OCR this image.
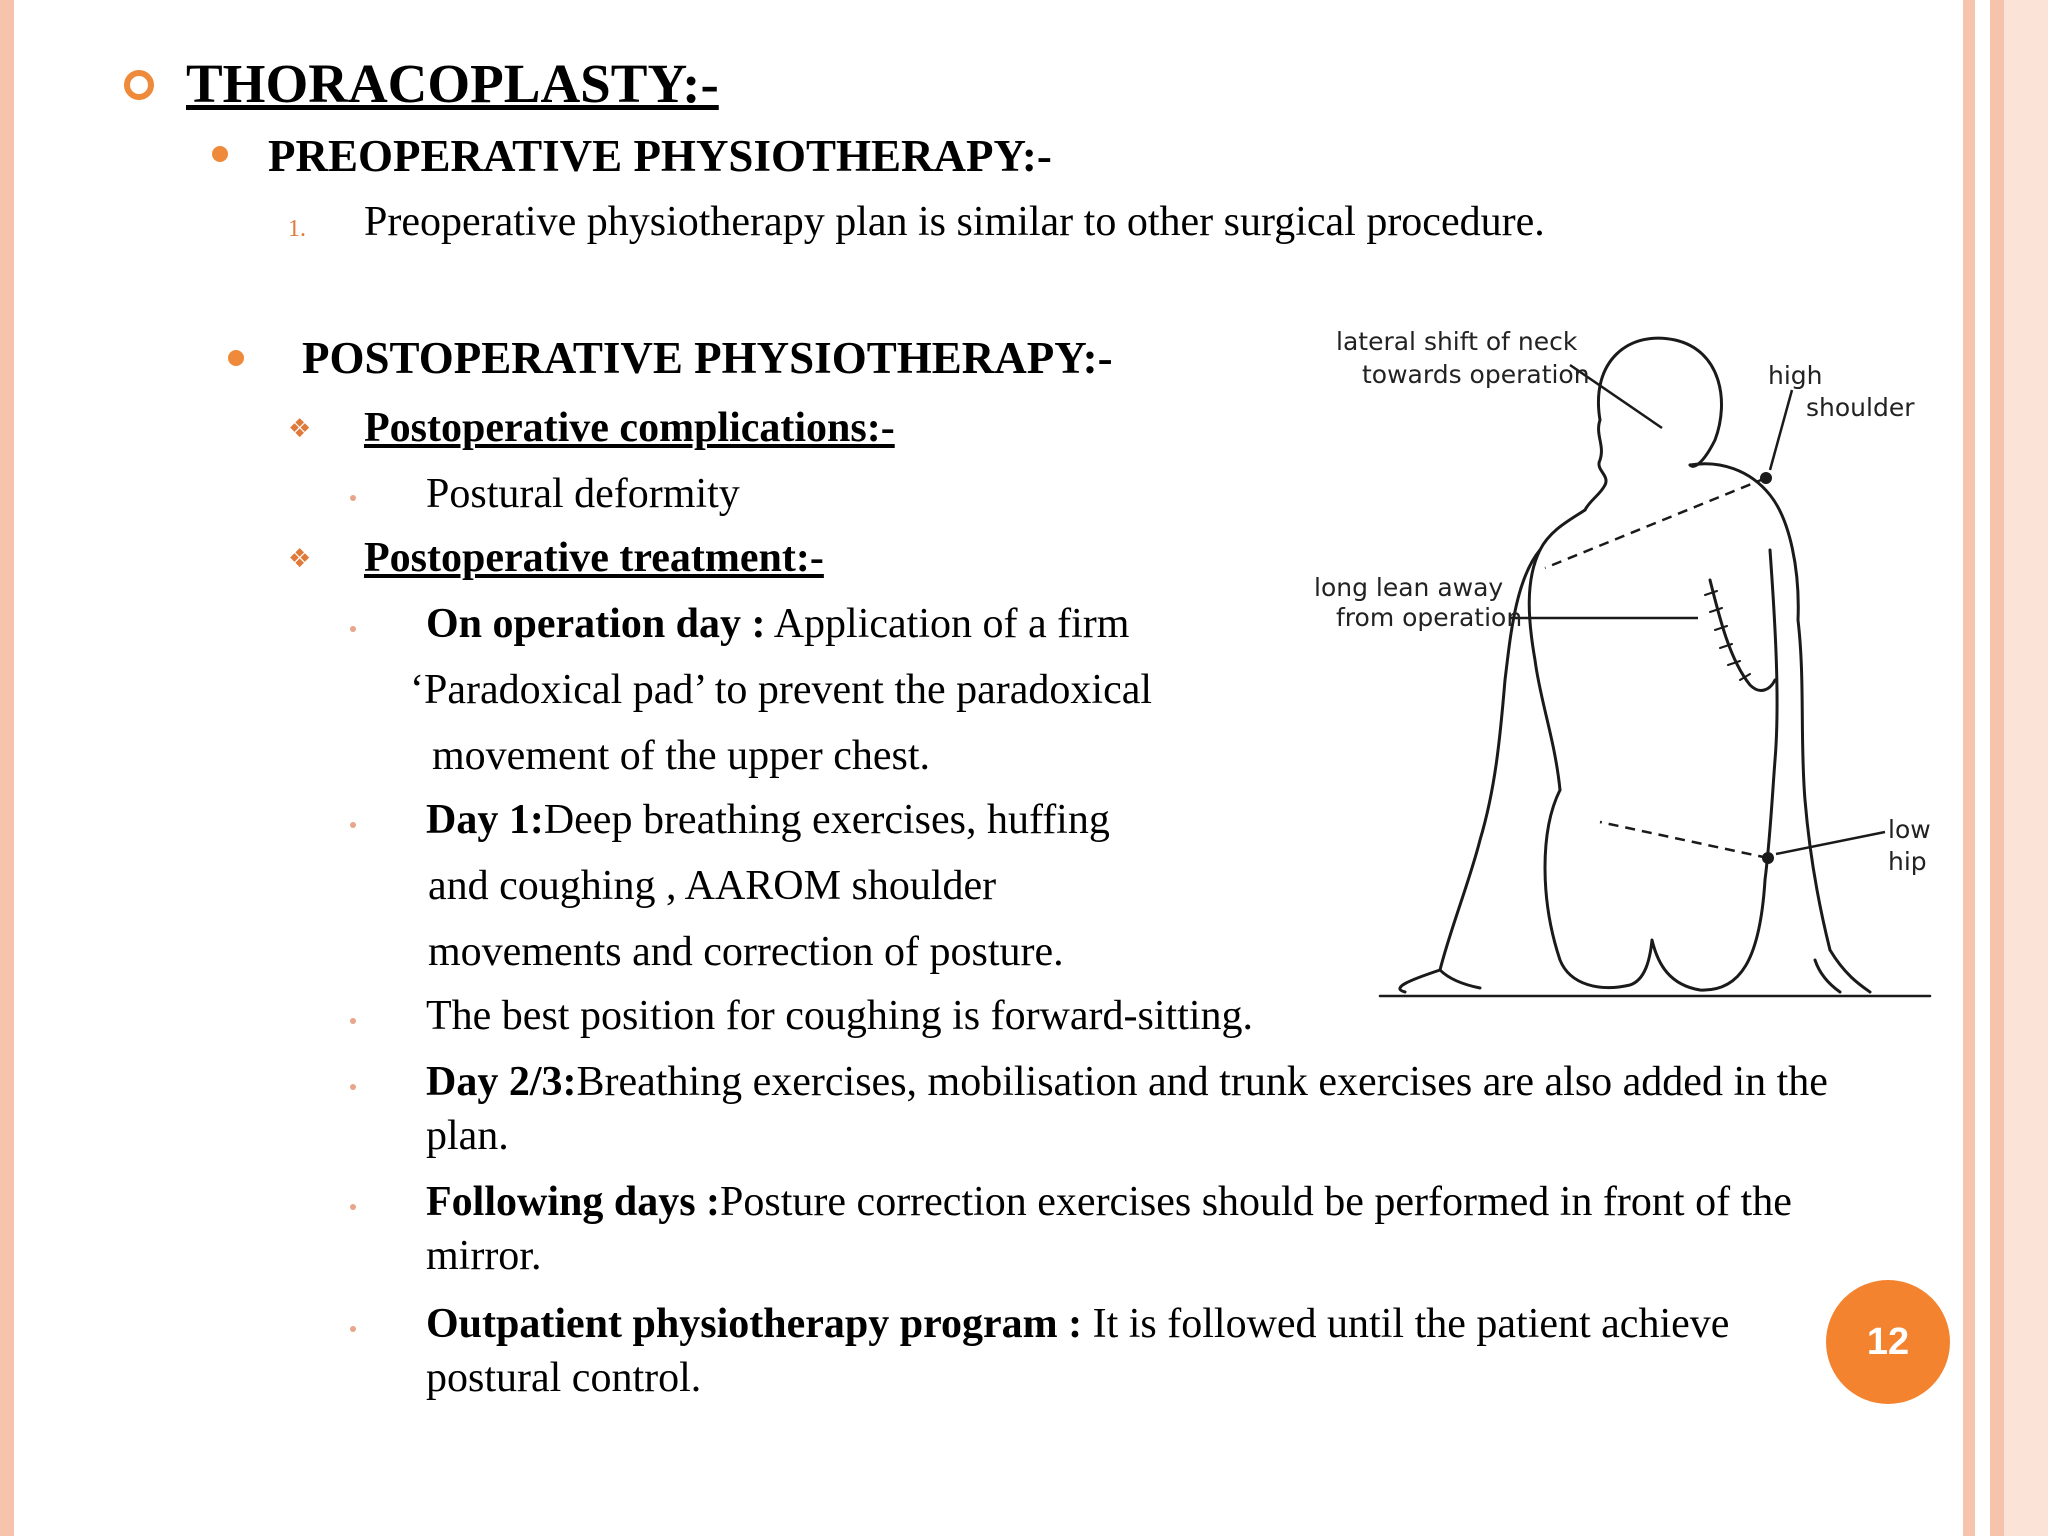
THORACOPLASTY:-
PREOPERATIVE PHYSIOTHERAPY:-
1. Preoperative physiotherapy plan is similar to other surgical procedure.
POSTOPERATIVE PHYSIOTHERAPY:-
❖ Postoperative complications:-
Postural deformity
❖ Postoperative treatment:-
On operation day : Application of a firm
‘Paradoxical pad’ to prevent the paradoxical
movement of the upper chest.
Day 1:Deep breathing exercises, huffing
and coughing , AAROM shoulder
movements and correction of posture.
The best position for coughing is forward-sitting.
Day 2/3:Breathing exercises, mobilisation and trunk exercises are also added in the
plan.
Following days :Posture correction exercises should be performed in front of the
mirror.
Outpatient physiotherapy program : It is followed until the patient achieve
postural control.
lateral shift of neck
towards operation	high
shoulder
long lean away
from operation
low
hip
12
